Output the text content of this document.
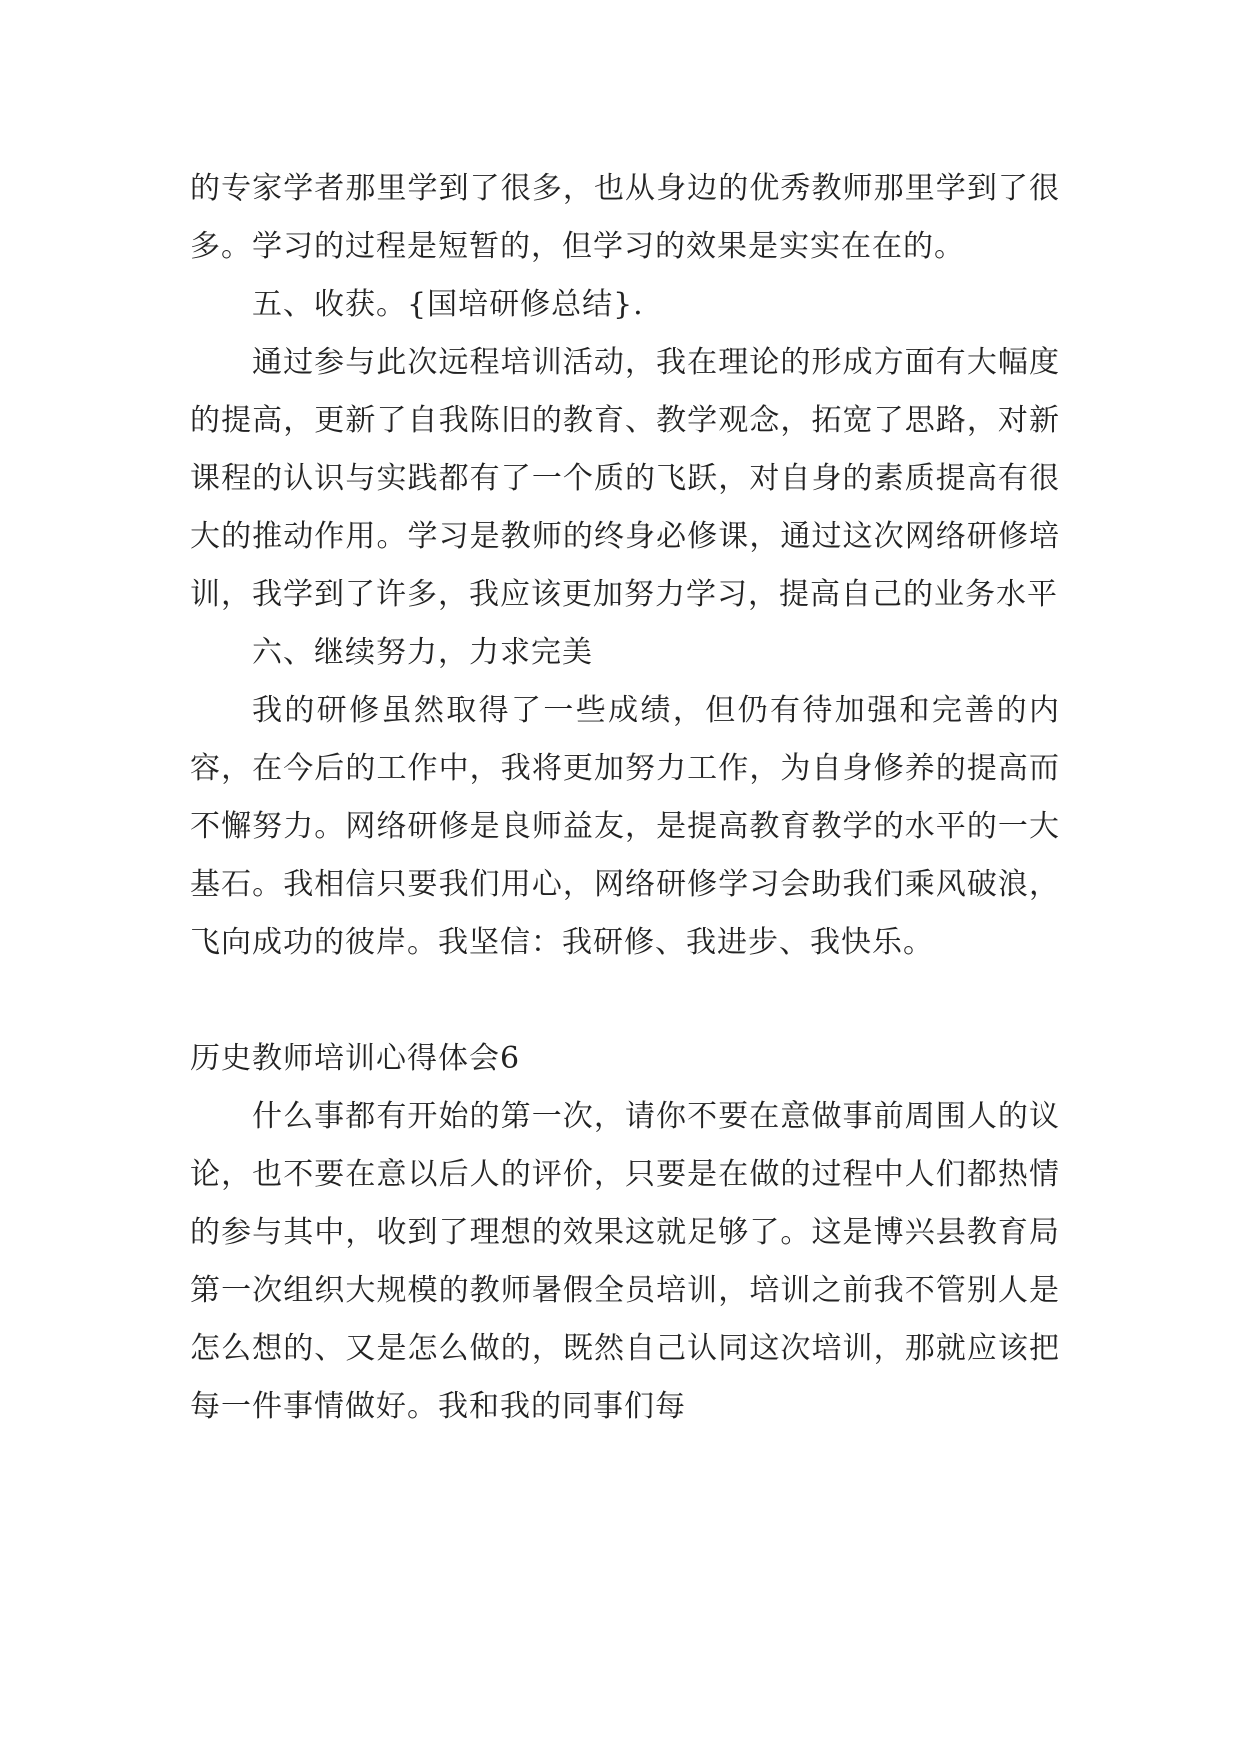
的专家学者那里学到了很多，也从身边的优秀教师那里学到了很多。学习的过程是短暂的，但学习的效果是实实在在的。

五、收获。{国培研修总结}.

通过参与此次远程培训活动，我在理论的形成方面有大幅度的提高，更新了自我陈旧的教育、教学观念，拓宽了思路，对新课程的认识与实践都有了一个质的飞跃，对自身的素质提高有很大的推动作用。学习是教师的终身必修课，通过这次网络研修培训，我学到了许多，我应该更加努力学习，提高自己的业务水平

六、继续努力，力求完美

我的研修虽然取得了一些成绩，但仍有待加强和完善的内容，在今后的工作中，我将更加努力工作，为自身修养的提高而不懈努力。网络研修是良师益友，是提高教育教学的水平的一大基石。我相信只要我们用心，网络研修学习会助我们乘风破浪，飞向成功的彼岸。我坚信：我研修、我进步、我快乐。

历史教师培训心得体会6

什么事都有开始的第一次，请你不要在意做事前周围人的议论，也不要在意以后人的评价，只要是在做的过程中人们都热情的参与其中，收到了理想的效果这就足够了。这是博兴县教育局第一次组织大规模的教师暑假全员培训，培训之前我不管别人是怎么想的、又是怎么做的，既然自己认同这次培训，那就应该把每一件事情做好。我和我的同事们每
